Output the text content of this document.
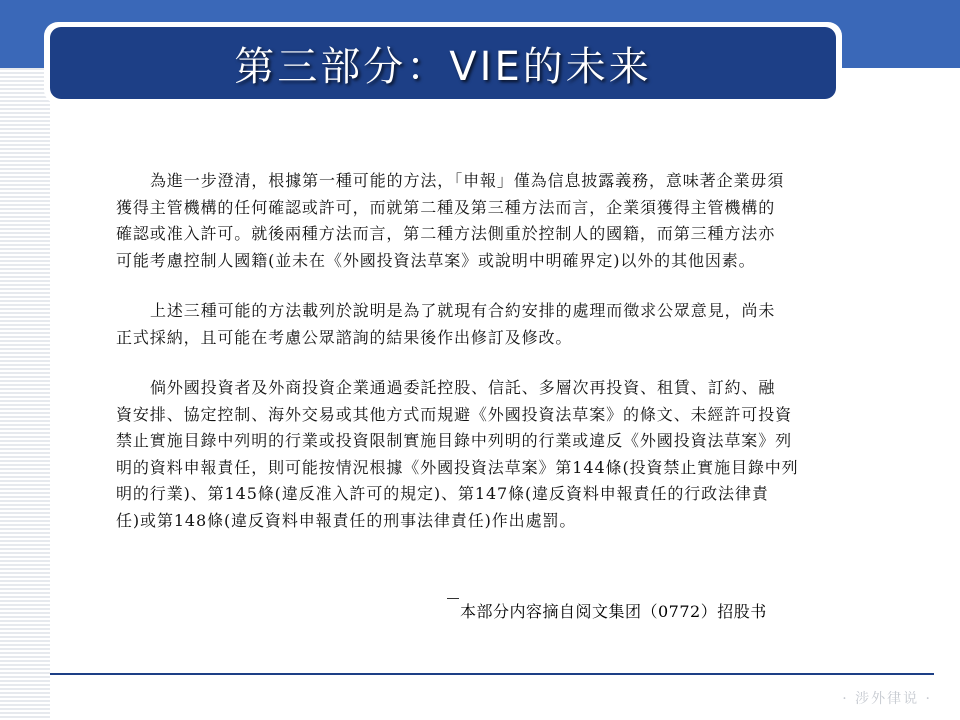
第三部分：VIE的未来
為進一步澄清，根據第一種可能的方法，「申報」僅為信息披露義務，意味著企業毋須
獲得主管機構的任何確認或許可，而就第二種及第三種方法而言，企業須獲得主管機構的
確認或准入許可。就後兩種方法而言，第二種方法側重於控制人的國籍，而第三種方法亦
可能考慮控制人國籍(並未在《外國投資法草案》或說明中明確界定)以外的其他因素。
上述三種可能的方法載列於說明是為了就現有合約安排的處理而徵求公眾意見，尚未
正式採納，且可能在考慮公眾諮詢的結果後作出修訂及修改。
倘外國投資者及外商投資企業通過委託控股、信託、多層次再投資、租賃、訂約、融
資安排、協定控制、海外交易或其他方式而規避《外國投資法草案》的條文、未經許可投資
禁止實施目錄中列明的行業或投資限制實施目錄中列明的行業或違反《外國投資法草案》列
明的資料申報責任，則可能按情況根據《外國投資法草案》第144條(投資禁止實施目錄中列
明的行業)、第145條(違反准入許可的規定)、第147條(違反資料申報責任的行政法律責
任)或第148條(違反資料申報責任的刑事法律責任)作出處罰。
本部分内容摘自阅文集团（0772）招股书
· 涉外律说 ·
